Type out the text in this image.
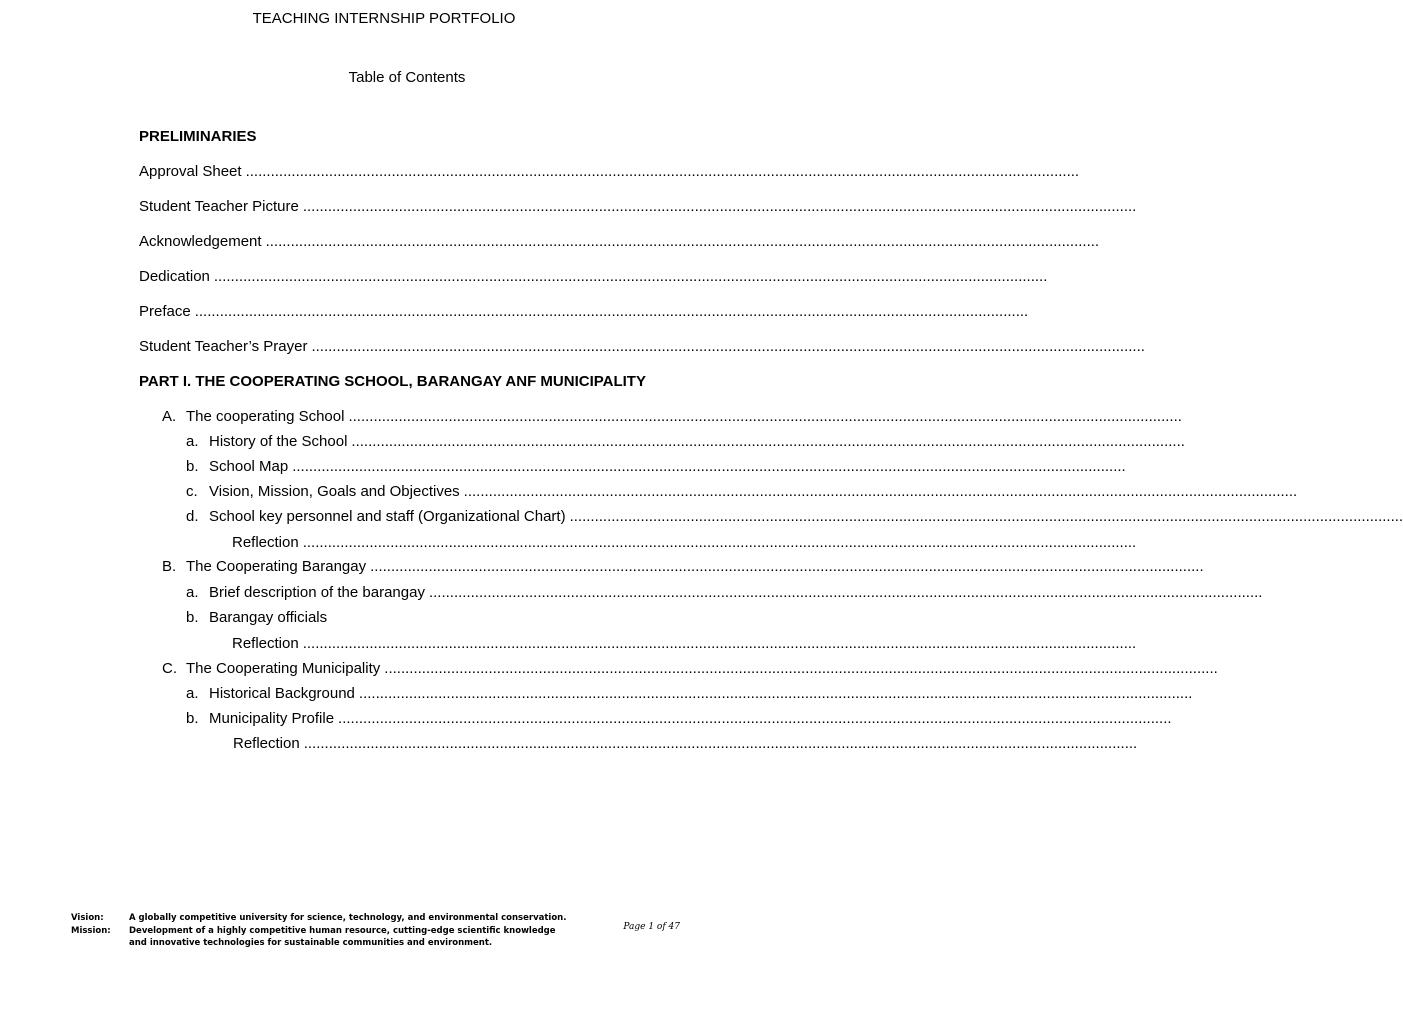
TEACHING INTERNSHIP PORTFOLIO
Table of Contents
PRELIMINARIES
Approval Sheet ........................................................................................................................................................................................................
Student Teacher Picture ........................................................................................................................................................................................................
Acknowledgement ........................................................................................................................................................................................................
Dedication ........................................................................................................................................................................................................
Preface ........................................................................................................................................................................................................
Student Teacher’s Prayer ........................................................................................................................................................................................................
PART I. THE COOPERATING SCHOOL, BARANGAY ANF MUNICIPALITY
A. The cooperating School ........................................................................................................................................................................................................
a. History of the School ........................................................................................................................................................................................................
b. School Map ........................................................................................................................................................................................................
c. Vision, Mission, Goals and Objectives ........................................................................................................................................................................................................
d. School key personnel and staff (Organizational Chart) ........................................................................................................................................................................................................
Reflection ........................................................................................................................................................................................................
B. The Cooperating Barangay ........................................................................................................................................................................................................
a. Brief description of the barangay ........................................................................................................................................................................................................
b. Barangay officials
Reflection ........................................................................................................................................................................................................
C. The Cooperating Municipality ........................................................................................................................................................................................................
a. Historical Background ........................................................................................................................................................................................................
b. Municipality Profile ........................................................................................................................................................................................................
Reflection ........................................................................................................................................................................................................
Vision:	A globally competitive university for science, technology, and environmental conservation.
Mission: Development of a highly competitive human resource, cutting-edge scientific knowledge
and innovative technologies for sustainable communities and environment.
Page 1 of 47
